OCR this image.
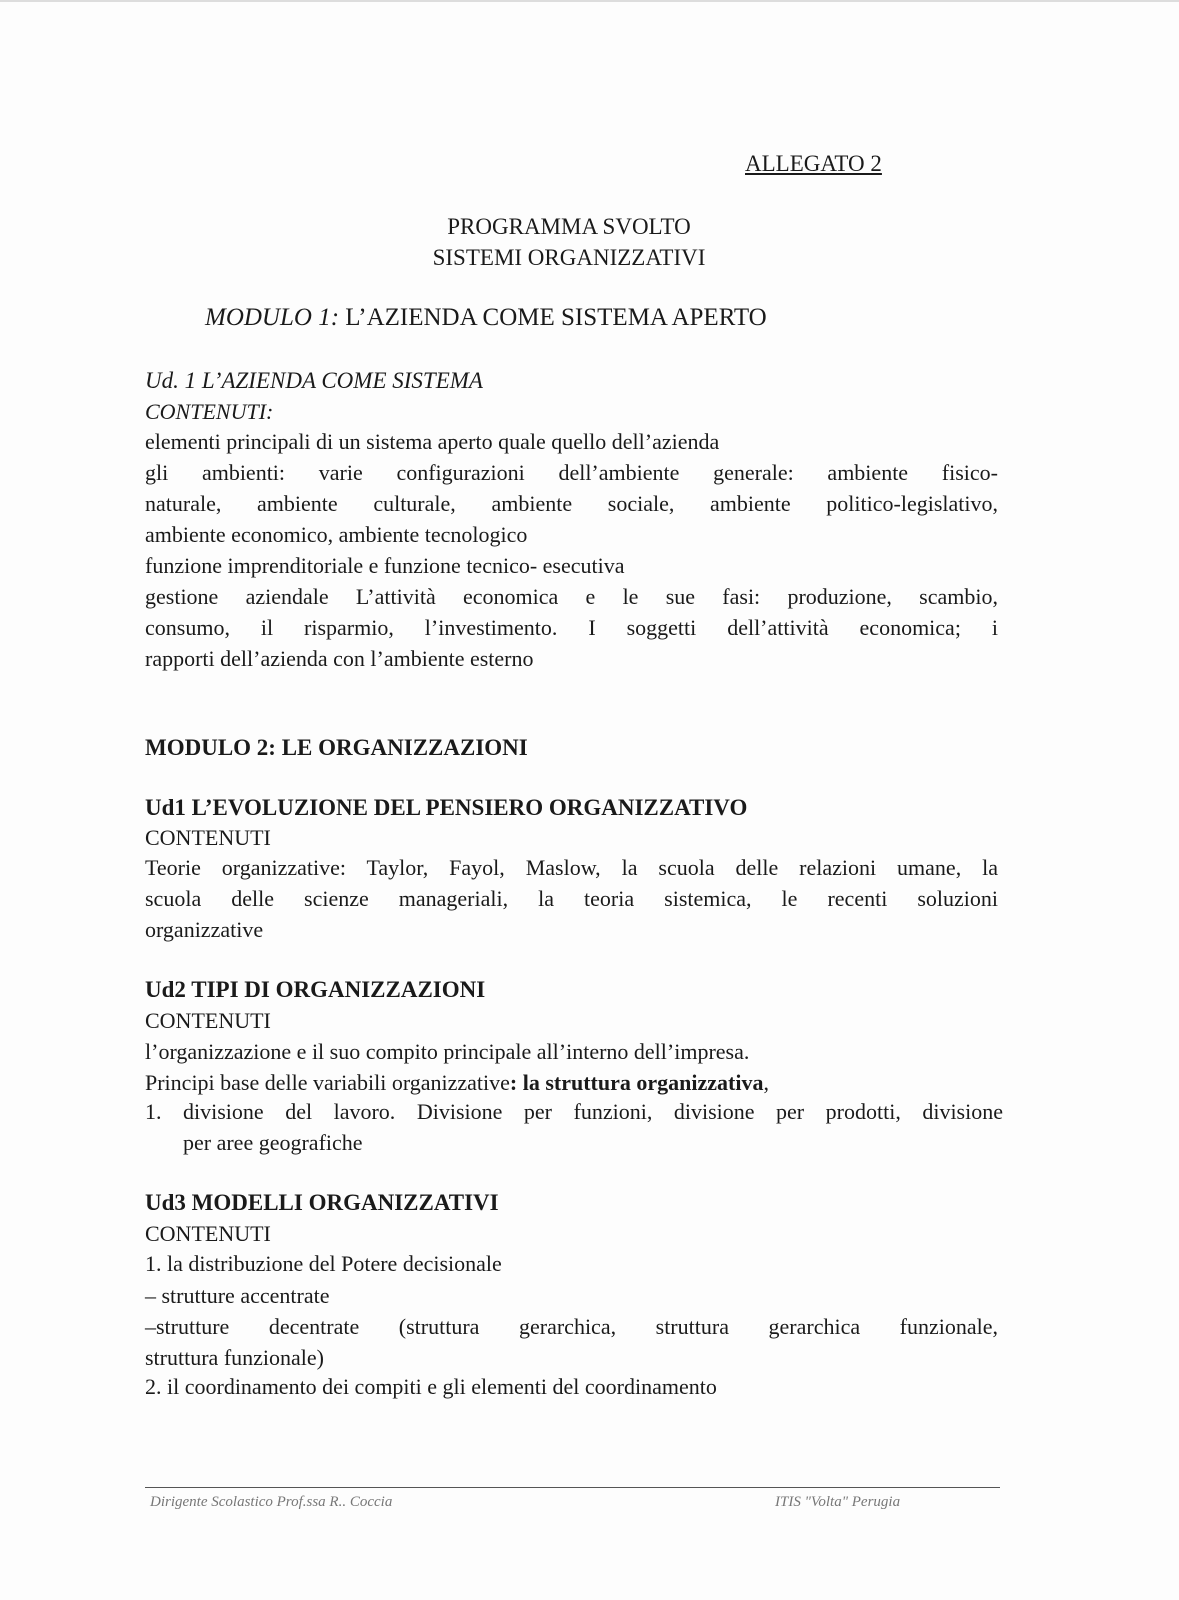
ALLEGATO 2
PROGRAMMA SVOLTO
SISTEMI ORGANIZZATIVI
MODULO 1: L’AZIENDA COME SISTEMA APERTO
Ud. 1 L’AZIENDA COME SISTEMA
CONTENUTI:
elementi principali di un sistema aperto quale quello dell’azienda
gli ambienti: varie configurazioni dell’ambiente generale: ambiente fisico-
naturale, ambiente culturale, ambiente sociale, ambiente politico-legislativo,
ambiente economico, ambiente tecnologico
funzione imprenditoriale e funzione tecnico- esecutiva
gestione aziendale L’attività economica e le sue fasi: produzione, scambio,
consumo, il risparmio, l’investimento. I soggetti dell’attività economica; i
rapporti dell’azienda con l’ambiente esterno
MODULO 2: LE ORGANIZZAZIONI
Ud1 L’EVOLUZIONE DEL PENSIERO ORGANIZZATIVO
CONTENUTI
Teorie organizzative: Taylor, Fayol, Maslow, la scuola delle relazioni umane, la
scuola delle scienze manageriali, la teoria sistemica, le recenti soluzioni
organizzative
Ud2 TIPI DI ORGANIZZAZIONI
CONTENUTI
l’organizzazione e il suo compito principale all’interno dell’impresa.
Principi base delle variabili organizzative: la struttura organizzativa,
1. divisione del lavoro. Divisione per funzioni, divisione per prodotti, divisione
per aree geografiche
Ud3 MODELLI ORGANIZZATIVI
CONTENUTI
1. la distribuzione del Potere decisionale
– strutture accentrate
–strutture decentrate (struttura gerarchica, struttura gerarchica funzionale,
struttura funzionale)
2. il coordinamento dei compiti e gli elementi del coordinamento
Dirigente Scolastico Prof.ssa R.. Coccia	ITIS "Volta" Perugia
